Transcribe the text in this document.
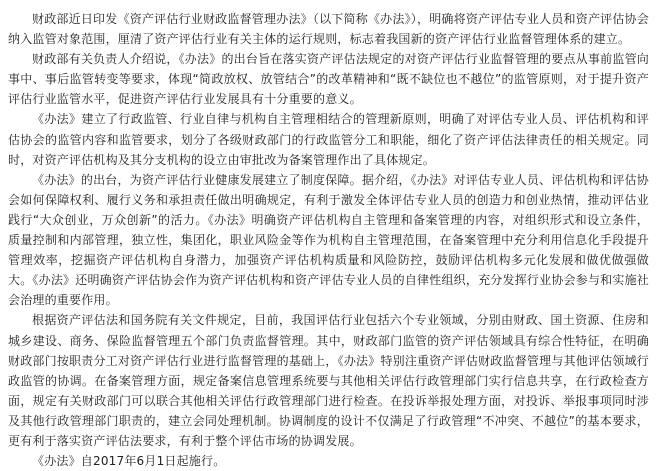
财政部近日印发《资产评估行业财政监督管理办法》（以下简称《办法》），明确将资产评估专业人员和资产评估协会纳入监管对象范围，厘清了资产评估行业有关主体的运行规则，标志着我国新的资产评估行业监督管理体系的建立。

财政部有关负责人介绍说，《办法》的出台旨在落实资产评估法规定的对资产评估行业监督管理的要点从事前监管向事中、事后监管转变等要求，体现“简政放权、放管结合”的改革精神和“既不缺位也不越位”的监管原则，对于提升资产评估行业监管水平，促进资产评估行业发展具有十分重要的意义。

《办法》建立了行政监管、行业自律与机构自主管理相结合的管理新原则，明确了对评估专业人员、评估机构和评估协会的监管内容和监管要求，划分了各级财政部门的行政监管分工和职能，细化了资产评估法律责任的相关规定。同时，对资产评估机构及其分支机构的设立由审批改为备案管理作出了具体规定。

《办法》的出台，为资产评估行业健康发展建立了制度保障。据介绍，《办法》对评估专业人员、评估机构和评估协会如何保障权利、履行义务和承担责任做出明确规定，有利于激发全体评估专业人员的创造力和创业热情，推动评估业践行“大众创业，万众创新”的活力。《办法》明确资产评估机构自主管理和备案管理的内容，对组织形式和设立条件，质量控制和内部管理，独立性，集团化，职业风险金等作为机构自主管理范围，在备案管理中充分利用信息化手段提升管理效率，挖掘资产评估机构自身潜力，加强资产评估机构质量和风险防控，鼓励评估机构多元化发展和做优做强做大。《办法》还明确资产评估协会作为资产评估机构和资产评估专业人员的自律性组织，充分发挥行业协会参与和实施社会治理的重要作用。

根据资产评估法和国务院有关文件规定，目前，我国评估行业包括六个专业领域，分别由财政、国土资源、住房和城乡建设、商务、保险监督管理五个部门负责监督管理。其中，财政部门监管的资产评估领域具有综合性特征，在明确财政部门按职责分工对资产评估行业进行监督管理的基础上，《办法》特别注重资产评估财政监督管理与其他评估领域行政监管的协调。在备案管理方面，规定备案信息管理系统要与其他相关评估行政管理部门实行信息共享，在行政检查方面，规定有关财政部门可以联合其他相关评估行政管理部门进行检查。在投诉举报处理方面，对投诉、举报事项同时涉及其他行政管理部门职责的，建立会同处理机制。协调制度的设计不仅满足了行政管理“不冲突、不越位”的基本要求，更有利于落实资产评估法要求，有利于整个评估市场的协调发展。

《办法》自2017年6月1日起施行。
